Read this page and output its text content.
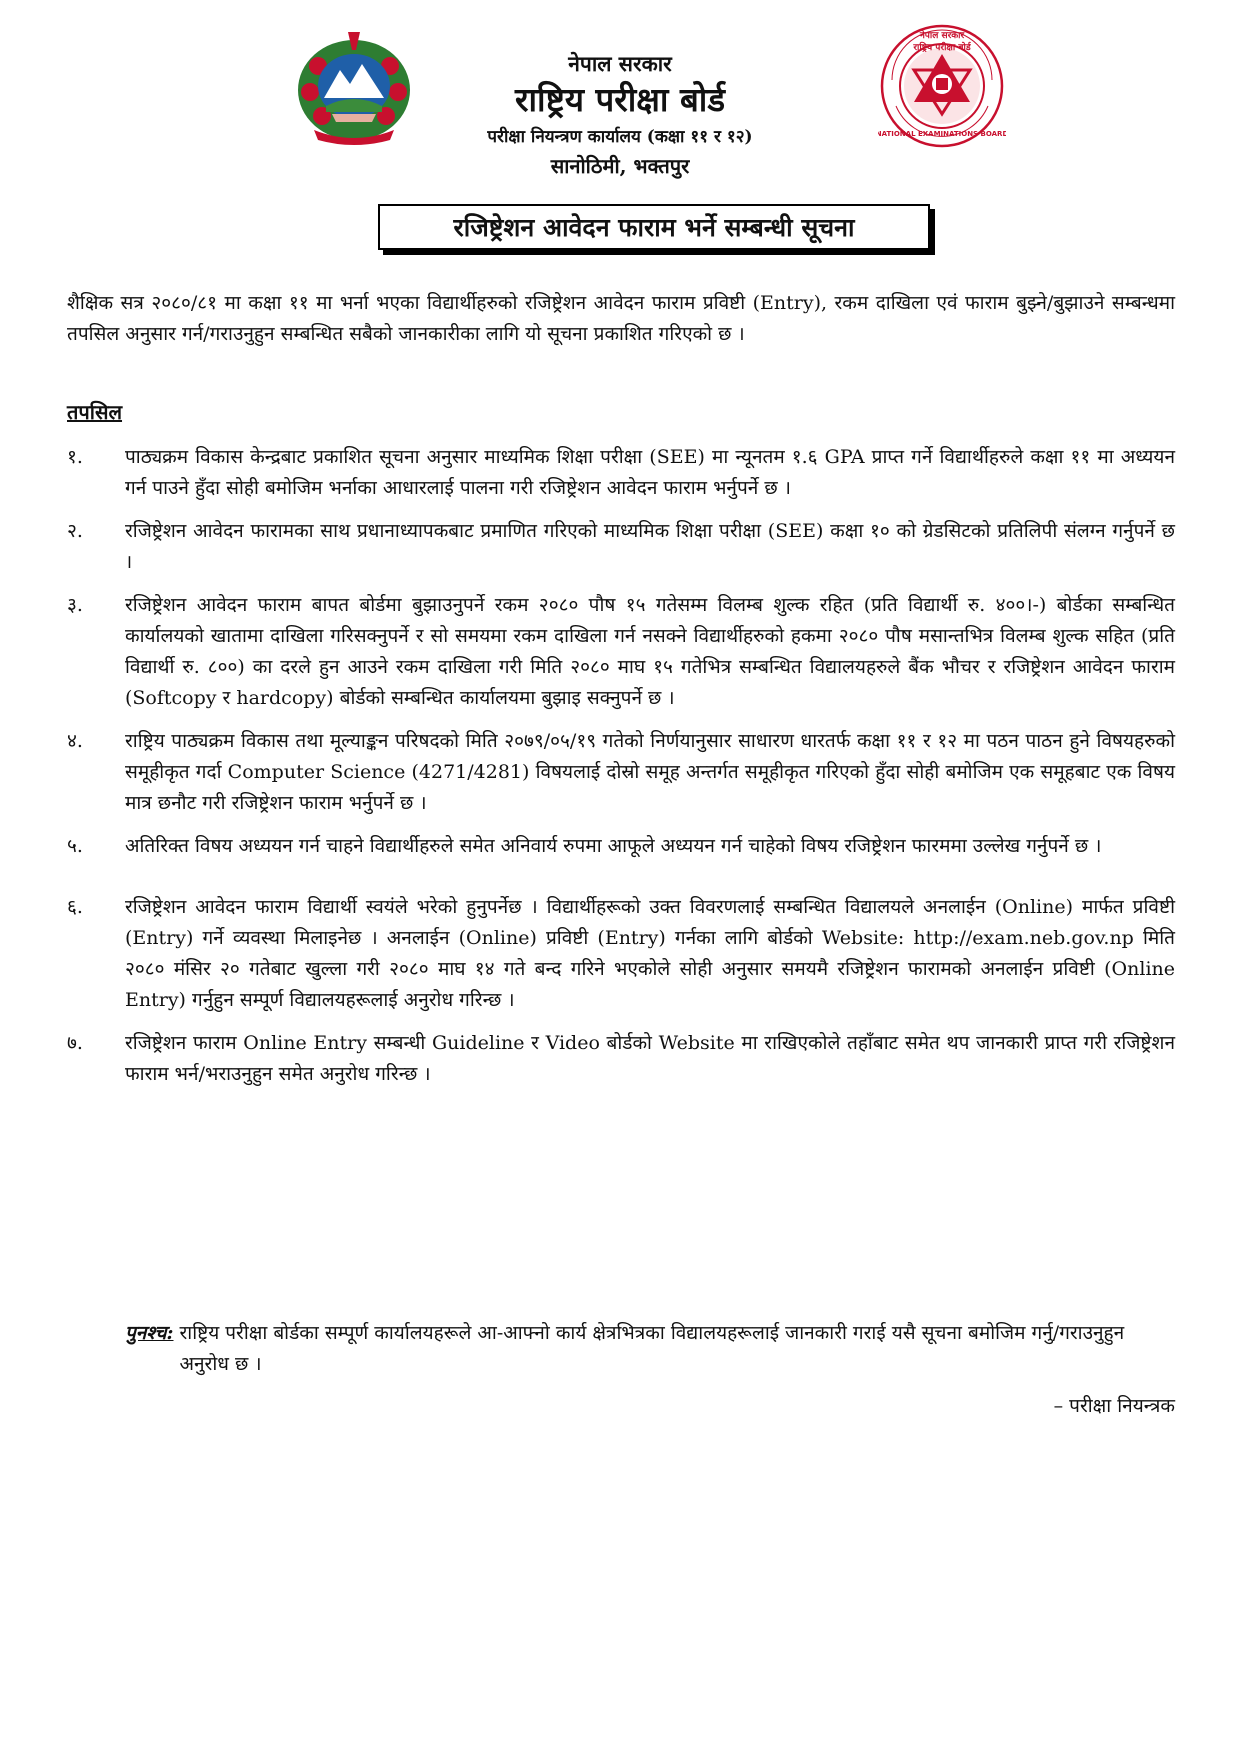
नेपाल सरकार
राष्ट्रिय परीक्षा बोर्ड
NATIONAL EXAMINATIONS BOARD
नेपाल सरकार
राष्ट्रिय परीक्षा बोर्ड
परीक्षा नियन्त्रण कार्यालय (कक्षा ११ र १२)
सानोठिमी, भक्तपुर
रजिष्ट्रेशन आवेदन फाराम भर्ने सम्बन्धी सूचना
शैक्षिक सत्र २०८०/८१ मा कक्षा ११ मा भर्ना भएका विद्यार्थीहरुको रजिष्ट्रेशन आवेदन फाराम प्रविष्टी (Entry), रकम दाखिला एवं फाराम बुझ्ने/बुझाउने सम्बन्धमा तपसिल अनुसार गर्न/गराउनुहुन सम्बन्धित सबैको जानकारीका लागि यो सूचना प्रकाशित गरिएको छ ।
तपसिल
१.	पाठ्यक्रम विकास केन्द्रबाट प्रकाशित सूचना अनुसार माध्यमिक शिक्षा परीक्षा (SEE) मा न्यूनतम १.६ GPA प्राप्त गर्ने विद्यार्थीहरुले कक्षा ११ मा अध्ययन गर्न पाउने हुँदा सोही बमोजिम भर्नाका आधारलाई पालना गरी रजिष्ट्रेशन आवेदन फाराम भर्नुपर्ने छ ।
२.	रजिष्ट्रेशन आवेदन फारामका साथ प्रधानाध्यापकबाट प्रमाणित गरिएको माध्यमिक शिक्षा परीक्षा (SEE) कक्षा १० को ग्रेडसिटको प्रतिलिपी संलग्न गर्नुपर्ने छ ।
३.	रजिष्ट्रेशन आवेदन फाराम बापत बोर्डमा बुझाउनुपर्ने रकम २०८० पौष १५ गतेसम्म विलम्ब शुल्क रहित (प्रति विद्यार्थी रु. ४००।-) बोर्डका सम्बन्धित कार्यालयको खातामा दाखिला गरिसक्नुपर्ने र सो समयमा रकम दाखिला गर्न नसक्ने विद्यार्थीहरुको हकमा २०८० पौष मसान्तभित्र विलम्ब शुल्क सहित (प्रति विद्यार्थी रु. ८००) का दरले हुन आउने रकम दाखिला गरी मिति २०८० माघ १५ गतेभित्र सम्बन्धित विद्यालयहरुले बैंक भौचर र रजिष्ट्रेशन आवेदन फाराम (Softcopy र hardcopy) बोर्डको सम्बन्धित कार्यालयमा बुझाइ सक्नुपर्ने छ ।
४.	राष्ट्रिय पाठ्यक्रम विकास तथा मूल्याङ्कन परिषदको मिति २०७९/०५/१९ गतेको निर्णयानुसार साधारण धारतर्फ कक्षा ११ र १२ मा पठन पाठन हुने विषयहरुको समूहीकृत गर्दा Computer Science (4271/4281) विषयलाई दोस्रो समूह अन्तर्गत समूहीकृत गरिएको हुँदा सोही बमोजिम एक समूहबाट एक विषय मात्र छनौट गरी रजिष्ट्रेशन फाराम भर्नुपर्ने छ ।
५.	अतिरिक्त विषय अध्ययन गर्न चाहने विद्यार्थीहरुले समेत अनिवार्य रुपमा आफूले अध्ययन गर्न चाहेको विषय रजिष्ट्रेशन फारममा उल्लेख गर्नुपर्ने छ ।
६.	रजिष्ट्रेशन आवेदन फाराम विद्यार्थी स्वयंले भरेको हुनुपर्नेछ । विद्यार्थीहरूको उक्त विवरणलाई सम्बन्धित विद्यालयले अनलाईन (Online) मार्फत प्रविष्टी (Entry) गर्ने व्यवस्था मिलाइनेछ । अनलाईन (Online) प्रविष्टी (Entry) गर्नका लागि बोर्डको Website: http://exam.neb.gov.np मिति २०८० मंसिर २० गतेबाट खुल्ला गरी २०८० माघ १४ गते बन्द गरिने भएकोले सोही अनुसार समयमै रजिष्ट्रेशन फारामको अनलाईन प्रविष्टी (Online Entry) गर्नुहुन सम्पूर्ण विद्यालयहरूलाई अनुरोध गरिन्छ ।
७.	रजिष्ट्रेशन फाराम Online Entry सम्बन्धी Guideline र Video बोर्डको Website मा राखिएकोले तहाँबाट समेत थप जानकारी प्राप्त गरी रजिष्ट्रेशन फाराम भर्न/भराउनुहुन समेत अनुरोध गरिन्छ ।
पुनश्च: राष्ट्रिय परीक्षा बोर्डका सम्पूर्ण कार्यालयहरूले आ-आफ्नो कार्य क्षेत्रभित्रका विद्यालयहरूलाई जानकारी गराई यसै सूचना बमोजिम गर्नु/गराउनुहुन अनुरोध छ ।
– परीक्षा नियन्त्रक
